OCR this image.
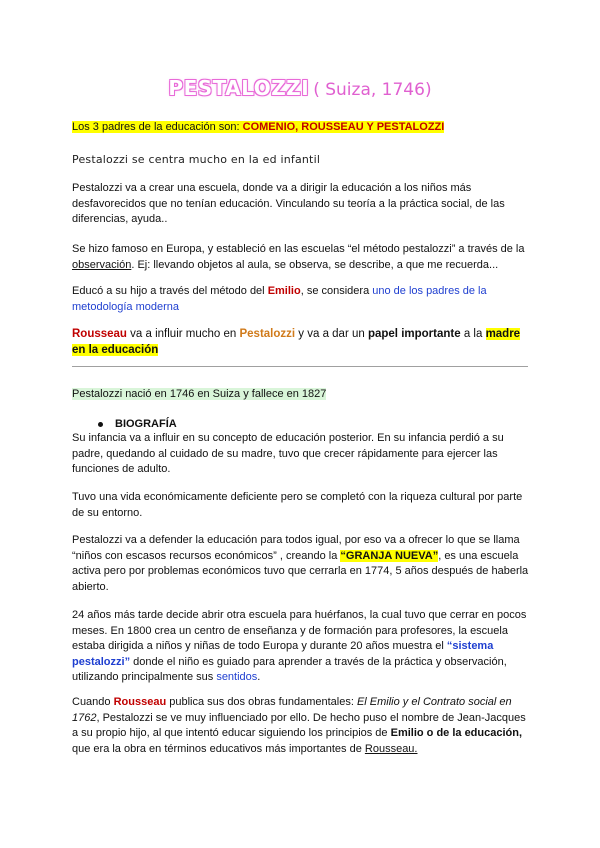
PESTALOZZI ( Suiza, 1746)

Los 3 padres de la educación son: COMENIO, ROUSSEAU Y PESTALOZZI

Pestalozzi se centra mucho en la ed infantil

Pestalozzi va a crear una escuela, donde va a dirigir la educación a los niños más desfavorecidos que no tenían educación. Vinculando su teoría a la práctica social, de las diferencias, ayuda..

Se hizo famoso en Europa, y estableció en las escuelas “el método pestalozzi” a través de la observación. Ej: llevando objetos al aula, se observa, se describe, a que me recuerda...

Educó a su hijo a través del método del Emilio, se considera uno de los padres de la metodología moderna

Rousseau va a influir mucho en Pestalozzi y va a dar un papel importante a la madre en la educación

Pestalozzi nació en 1746 en Suiza y fallece en 1827

BIOGRAFÍA

Su infancia va a influir en su concepto de educación posterior. En su infancia perdió a su padre, quedando al cuidado de su madre, tuvo que crecer rápidamente para ejercer las funciones de adulto.

Tuvo una vida económicamente deficiente pero se completó con la riqueza cultural por parte de su entorno.

Pestalozzi va a defender la educación para todos igual, por eso va a ofrecer lo que se llama “niños con escasos recursos económicos” , creando la “GRANJA NUEVA”, es una escuela activa pero por problemas económicos tuvo que cerrarla en 1774, 5 años después de haberla abierto.

24 años más tarde decide abrir otra escuela para huérfanos, la cual tuvo que cerrar en pocos meses. En 1800 crea un centro de enseñanza y de formación para profesores, la escuela estaba dirigida a niños y niñas de todo Europa y durante 20 años muestra el “sistema pestalozzi” donde el niño es guiado para aprender a través de la práctica y observación, utilizando principalmente sus sentidos.

Cuando Rousseau publica sus dos obras fundamentales: El Emilio y el Contrato social en 1762, Pestalozzi se ve muy influenciado por ello. De hecho puso el nombre de Jean-Jacques a su propio hijo, al que intentó educar siguiendo los principios de Emilio o de la educación, que era la obra en términos educativos más importantes de Rousseau.
